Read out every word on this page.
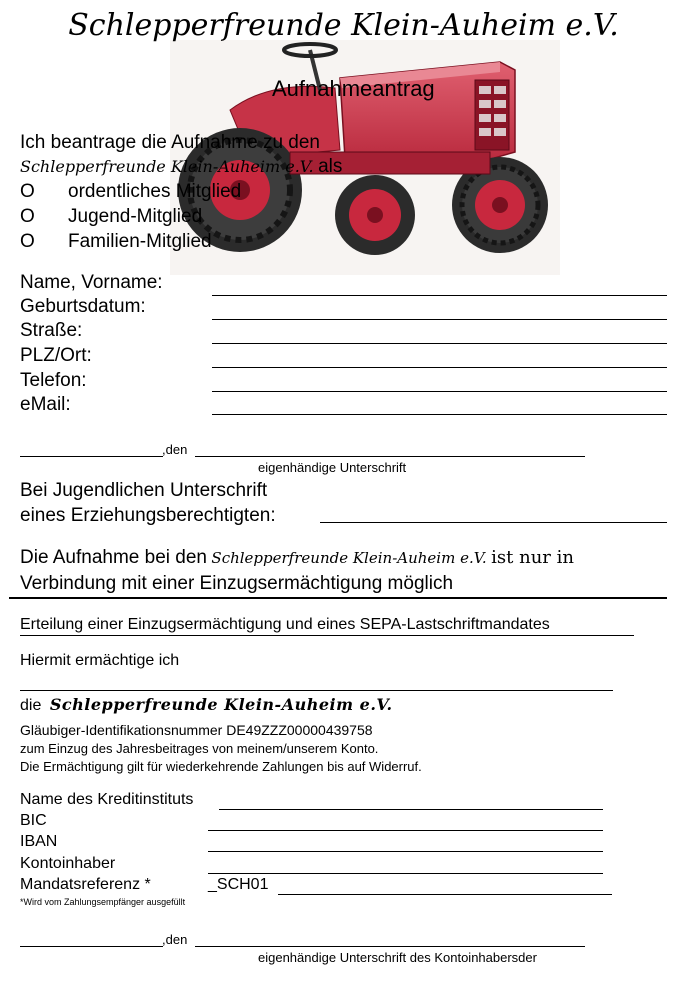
Schlepperfreunde Klein-Auheim e.V.
Aufnahmeantrag
Ich beantrage die Aufnahme zu den
Schlepperfreunde Klein-Auheim e.V. als
O ordentliches Mitglied
O Jugend-Mitglied
O Familien-Mitglied
Name, Vorname:
Geburtsdatum:
Straße:
PLZ/Ort:
Telefon:
eMail:
,den
eigenhändige Unterschrift
Bei Jugendlichen Unterschrift
eines Erziehungsberechtigten:
Die Aufnahme bei den Schlepperfreunde Klein-Auheim e.V. ist nur in
Verbindung mit einer Einzugsermächtigung möglich
Erteilung einer Einzugsermächtigung und eines SEPA-Lastschriftmandates
Hiermit ermächtige ich
die Schlepperfreunde Klein-Auheim e.V.
Gläubiger-Identifikationsnummer DE49ZZZ00000439758
zum Einzug des Jahresbeitrages von meinem/unserem Konto.
Die Ermächtigung gilt für wiederkehrende Zahlungen bis auf Widerruf.
Name des Kreditinstituts
BIC
IBAN
Kontoinhaber
Mandatsreferenz *	_SCH01
*Wird vom Zahlungsempfänger ausgefüllt
,den
eigenhändige Unterschrift des Kontoinhabersder
